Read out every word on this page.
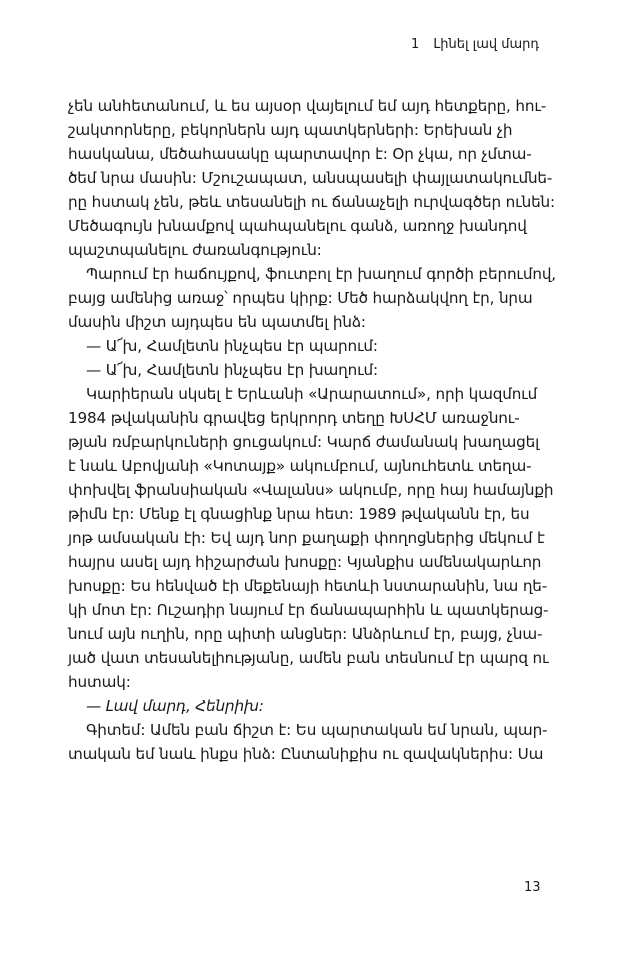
1 Լինել լավ մարդ
չեն անհետանում, և ես այսօր վայելում եմ այդ հետքերը, հու-
շակտորները, բեկորներն այդ պատկերների: Երեխան չի
հասկանա, մեծահասակը պարտավոր է: Օր չկա, որ չմտա-
ծեմ նրա մասին: Մշուշապատ, անսպասելի փայլատակումնե-
րը հստակ չեն, թեև տեսանելի ու ճանաչելի ուրվագծեր ունեն:
Մեծագույն խնամքով պահպանելու գանձ, առողջ խանդով
պաշտպանելու ժառանգություն:
Պարում էր հաճույքով, ֆուտբոլ էր խաղում գործի բերումով,
բայց ամենից առաջ՝ որպես կիրք: Մեծ հարձակվող էր, նրա
մասին միշտ այդպես են պատմել ինձ:
— Ա՜խ, Համլետն ինչպես էր պարում:
— Ա՜խ, Համլետն ինչպես էր խաղում:
Կարիերան սկսել է Երևանի «Արարատում», որի կազմում
1984 թվականին գրավեց երկրորդ տեղը ԽՍՀՄ առաջնու-
թյան ռմբարկուների ցուցակում: Կարճ ժամանակ խաղացել
է նաև Աբովյանի «Կոտայք» ակումբում, այնուհետև տեղա-
փոխվել ֆրանսիական «Վալանս» ակումբ, որը հայ համայնքի
թիմն էր: Մենք էլ գնացինք նրա հետ: 1989 թվականն էր, ես
յոթ ամսական էի: Եվ այդ նոր քաղաքի փողոցներից մեկում է
հայրս ասել այդ հիշարժան խոսքը: Կյանքիս ամենակարևոր
խոսքը: Ես հենված էի մեքենայի հետևի նստարանին, նա ղե-
կի մոտ էր: Ուշադիր նայում էր ճանապարհին և պատկերաց-
նում այն ուղին, որը պիտի անցներ: Անձրևում էր, բայց, չնա-
յած վատ տեսանելիությանը, ամեն բան տեսնում էր պարզ ու
հստակ:
— Լավ մարդ, Հենրիխ:
Գիտեմ: Ամեն բան ճիշտ է: Ես պարտական եմ նրան, պար-
տական եմ նաև ինքս ինձ: Ընտանիքիս ու զավակներիս: Սա
13
